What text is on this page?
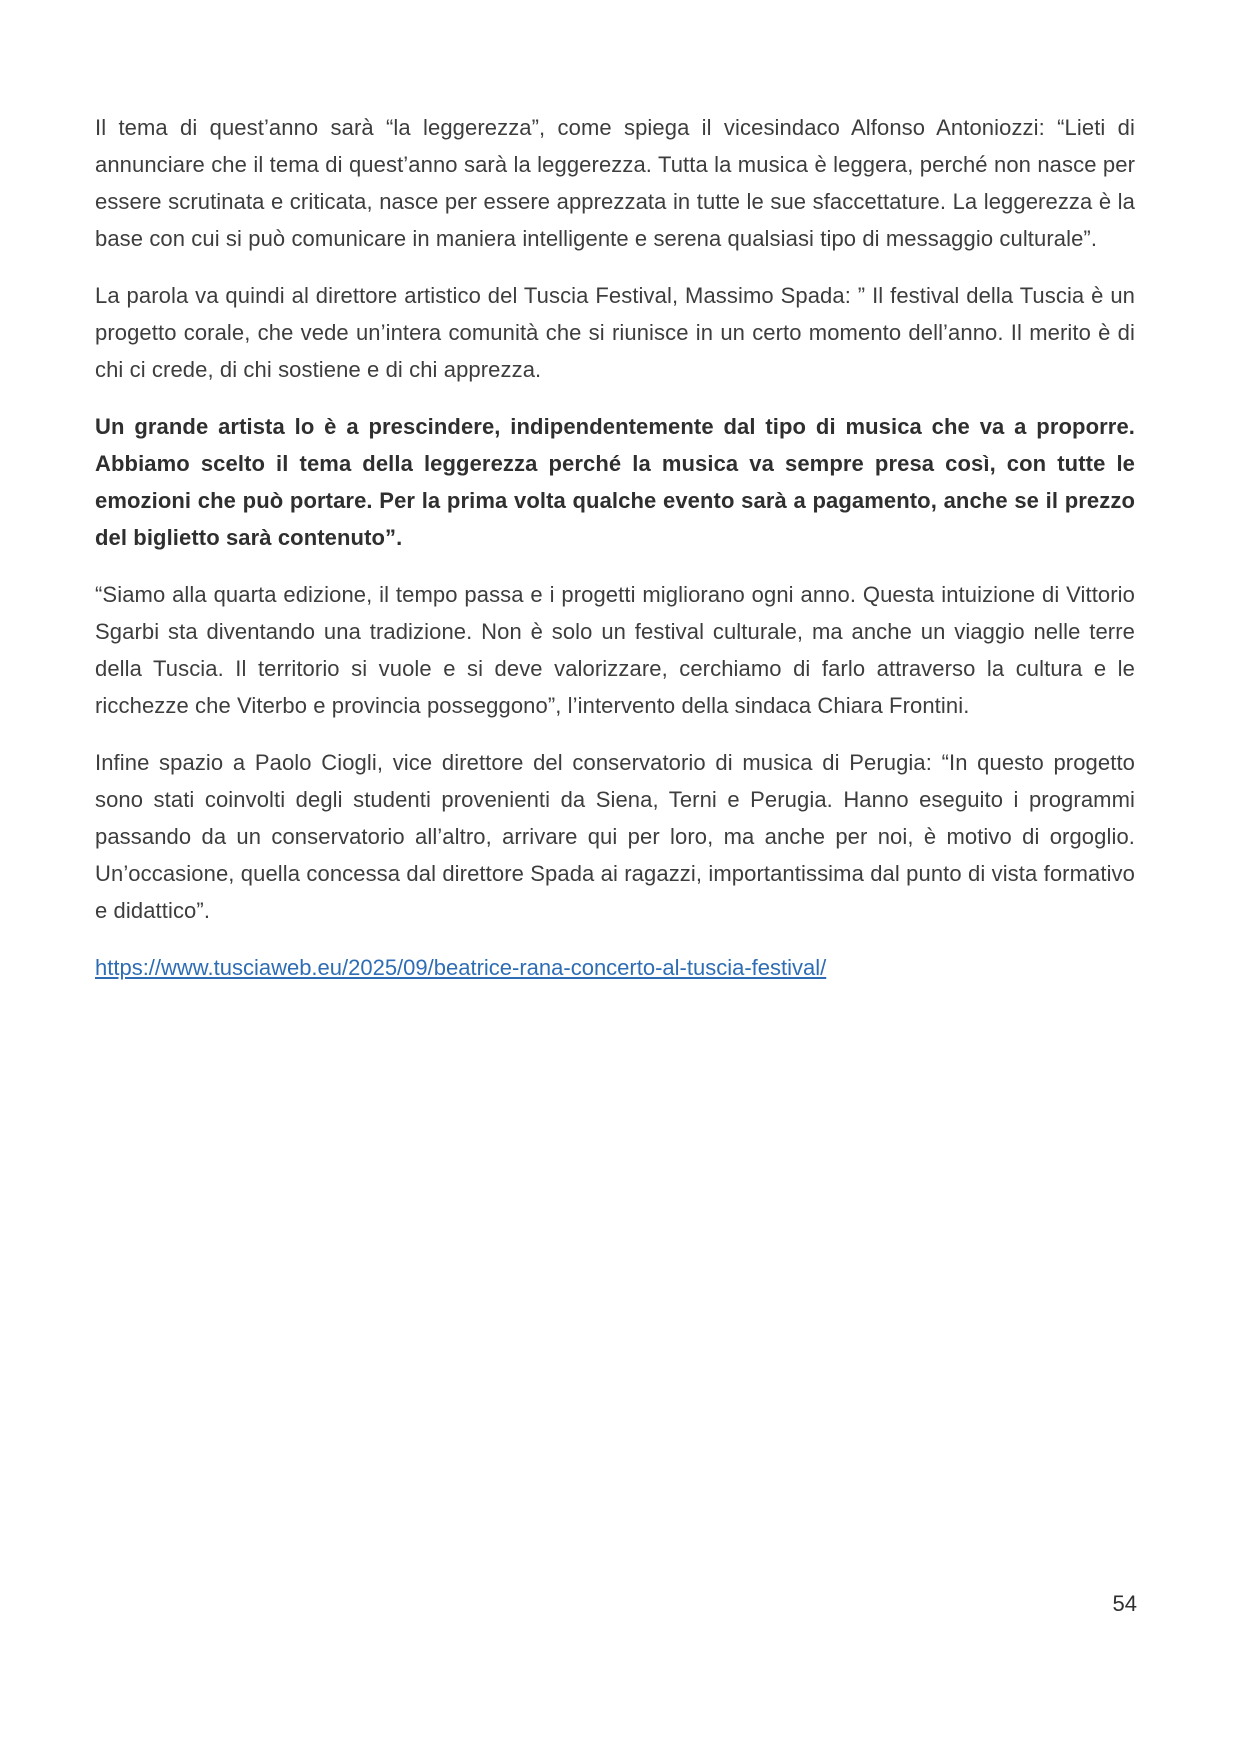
Il tema di quest’anno sarà “la leggerezza”, come spiega il vicesindaco Alfonso Antoniozzi: “Lieti di annunciare che il tema di quest’anno sarà la leggerezza. Tutta la musica è leggera, perché non nasce per essere scrutinata e criticata, nasce per essere apprezzata in tutte le sue sfaccettature. La leggerezza è la base con cui si può comunicare in maniera intelligente e serena qualsiasi tipo di messaggio culturale”.

La parola va quindi al direttore artistico del Tuscia Festival, Massimo Spada: ” Il festival della Tuscia è un progetto corale, che vede un’intera comunità che si riunisce in un certo momento dell’anno. Il merito è di chi ci crede, di chi sostiene e di chi apprezza.

Un grande artista lo è a prescindere, indipendentemente dal tipo di musica che va a proporre. Abbiamo scelto il tema della leggerezza perché la musica va sempre presa così, con tutte le emozioni che può portare. Per la prima volta qualche evento sarà a pagamento, anche se il prezzo del biglietto sarà contenuto”.

“Siamo alla quarta edizione, il tempo passa e i progetti migliorano ogni anno. Questa intuizione di Vittorio Sgarbi sta diventando una tradizione. Non è solo un festival culturale, ma anche un viaggio nelle terre della Tuscia. Il territorio si vuole e si deve valorizzare, cerchiamo di farlo attraverso la cultura e le ricchezze che Viterbo e provincia posseggono”, l’intervento della sindaca Chiara Frontini.

Infine spazio a Paolo Ciogli, vice direttore del conservatorio di musica di Perugia: “In questo progetto sono stati coinvolti degli studenti provenienti da Siena, Terni e Perugia. Hanno eseguito i programmi passando da un conservatorio all’altro, arrivare qui per loro, ma anche per noi, è motivo di orgoglio. Un’occasione, quella concessa dal direttore Spada ai ragazzi, importantissima dal punto di vista formativo e didattico”.

https://www.tusciaweb.eu/2025/09/beatrice-rana-concerto-al-tuscia-festival/
54
